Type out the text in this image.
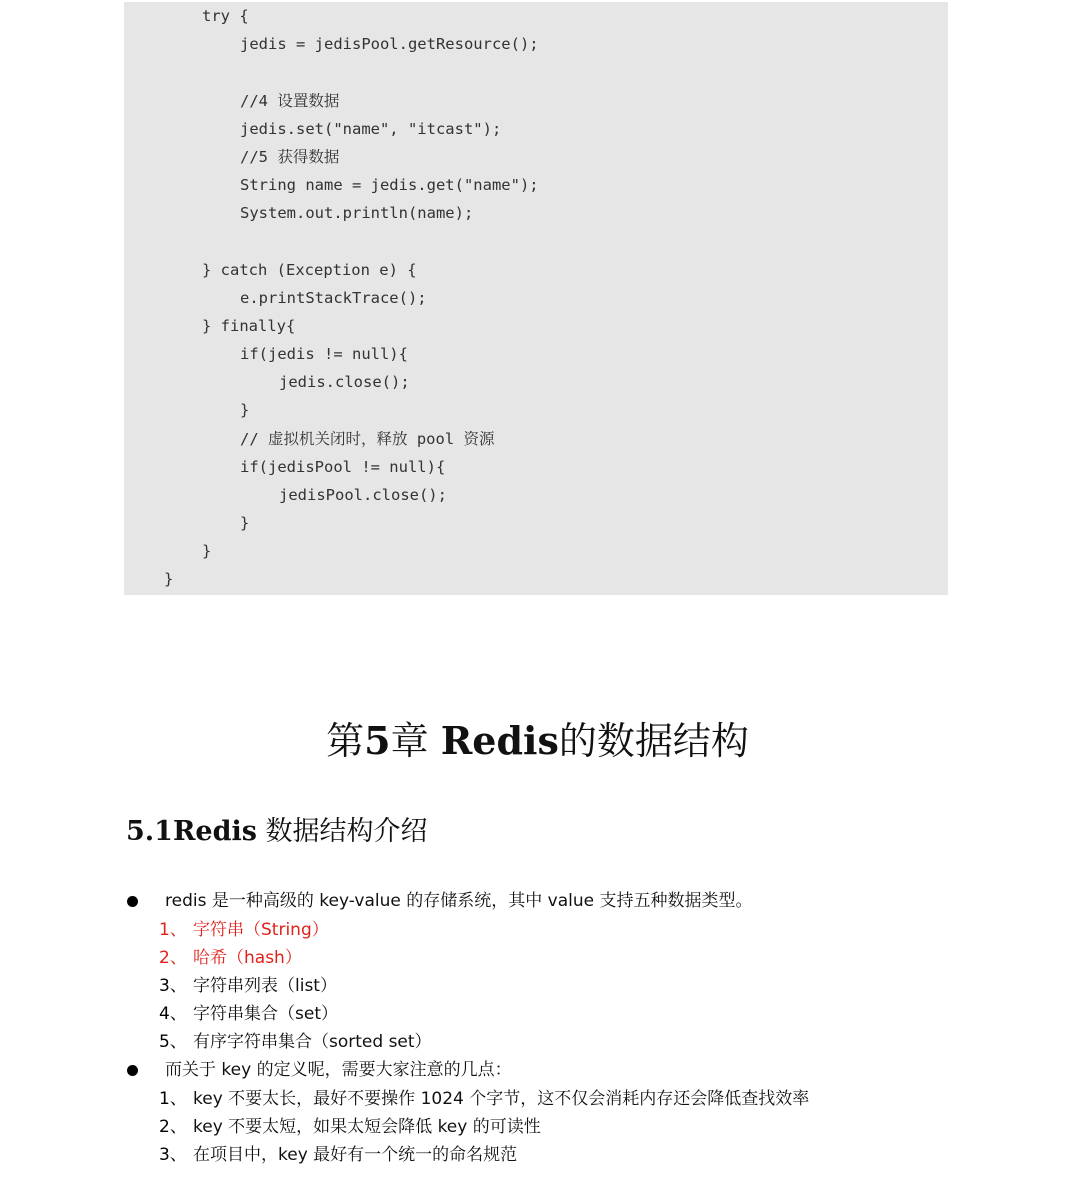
try {
jedis = jedisPool.getResource();
//4 设置数据
jedis.set("name", "itcast");
//5 获得数据
String name = jedis.get("name");
System.out.println(name);
} catch (Exception e) {
e.printStackTrace();
} finally{
if(jedis != null){
jedis.close();
}
// 虚拟机关闭时，释放 pool 资源
if(jedisPool != null){
jedisPool.close();
}
}
}
第5章 Redis的数据结构
5.1Redis 数据结构介绍
redis 是一种高级的 key-value 的存储系统，其中 value 支持五种数据类型。
1、 字符串（String）
2、 哈希（hash）
3、 字符串列表（list）
4、 字符串集合（set）
5、 有序字符串集合（sorted set）
而关于 key 的定义呢，需要大家注意的几点：
1、 key 不要太长，最好不要操作 1024 个字节，这不仅会消耗内存还会降低查找效率
2、 key 不要太短，如果太短会降低 key 的可读性
3、 在项目中，key 最好有一个统一的命名规范
